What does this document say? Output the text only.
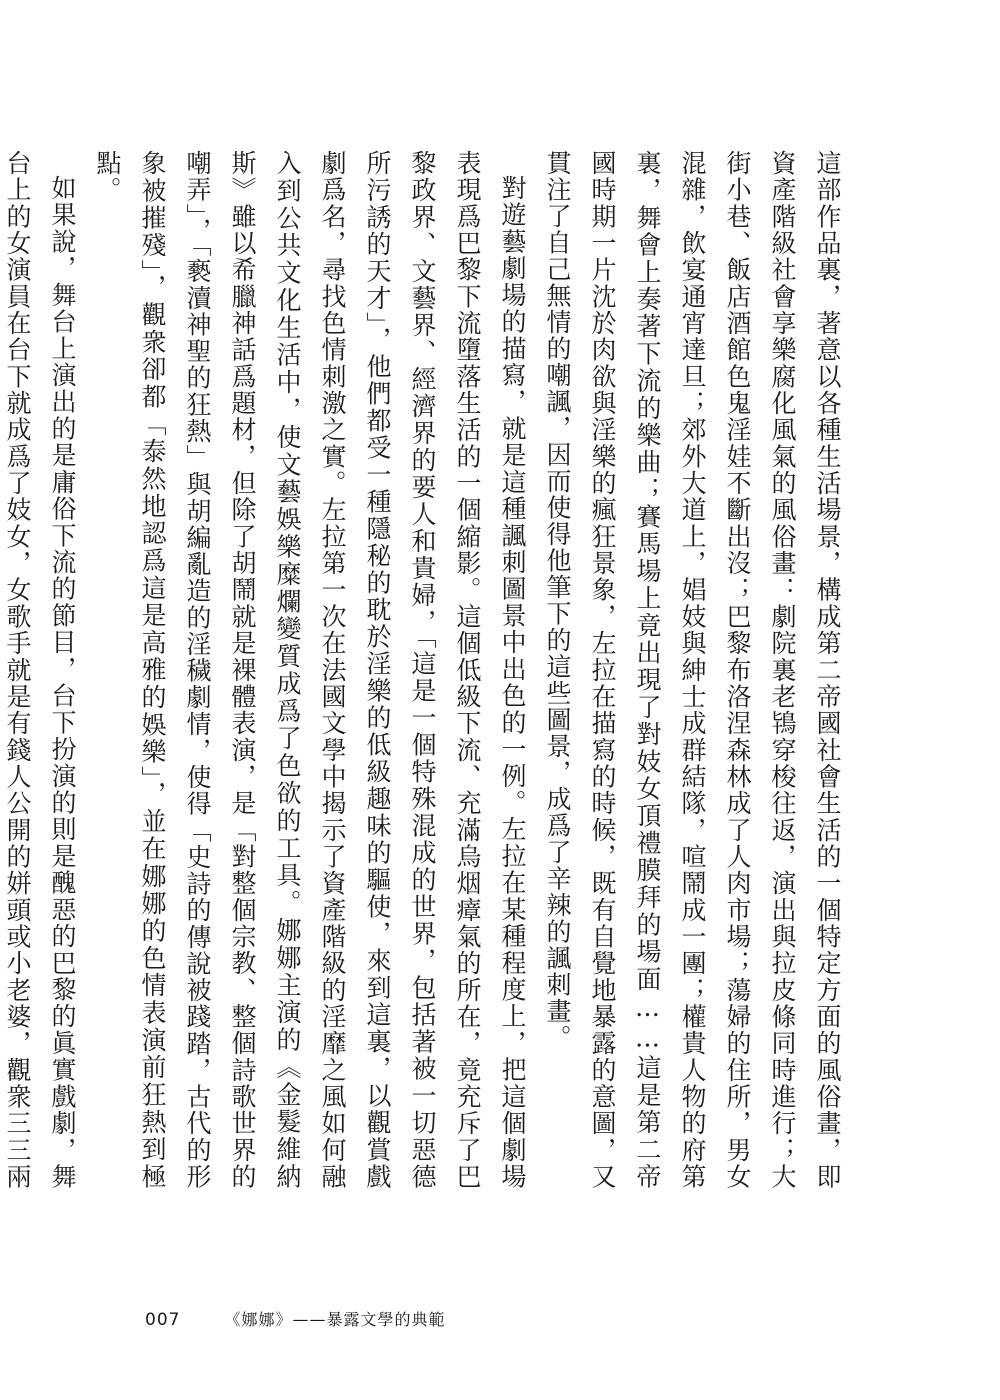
這部作品裏，著意以各種生活場景，構成第二帝國社會生活的一個特定方面的風俗畫，即資產階級社會享樂腐化風氣的風俗畫：劇院裏老鴇穿梭往返，演出與拉皮條同時進行；大街小巷、飯店酒館色鬼淫娃不斷出沒；巴黎布洛涅森林成了人肉市場；蕩婦的住所，男女混雜，飲宴通宵達旦；郊外大道上，娼妓與紳士成群結隊，喧鬧成一團；權貴人物的府第裏，舞會上奏著下流的樂曲；賽馬場上竟出現了對妓女頂禮膜拜的場面……這是第二帝國時期一片沈於肉欲與淫樂的瘋狂景象，左拉在描寫的時候，既有自覺地暴露的意圖，又貫注了自己無情的嘲諷，因而使得他筆下的這些圖景，成爲了辛辣的諷刺畫。

對遊藝劇場的描寫，就是這種諷刺圖景中出色的一例。左拉在某種程度上，把這個劇場表現爲巴黎下流墮落生活的一個縮影。這個低級下流、充滿烏烟瘴氣的所在，竟充斥了巴黎政界、文藝界、經濟界的要人和貴婦，「這是一個特殊混成的世界，包括著被一切惡德所污誘的天才」，他們都受一種隱秘的耽於淫樂的低級趣味的驅使，來到這裏，以觀賞戲劇爲名，尋找色情刺激之實。左拉第一次在法國文學中揭示了資產階級的淫靡之風如何融入到公共文化生活中，使文藝娛樂糜爛變質成爲了色欲的工具。娜娜主演的《金髮維納斯》雖以希臘神話爲題材，但除了胡鬧就是裸體表演，是「對整個宗教、整個詩歌世界的嘲弄」，「褻瀆神聖的狂熱」與胡編亂造的淫穢劇情，使得「史詩的傳說被踐踏，古代的形象被摧殘」，觀衆卻都「泰然地認爲這是高雅的娛樂」，並在娜娜的色情表演前狂熱到極點。

如果說，舞台上演出的是庸俗下流的節目，台下扮演的則是醜惡的巴黎的眞實戲劇，舞台上的女演員在台下就成爲了妓女，女歌手就是有錢人公開的姘頭或小老婆，觀衆三三兩

007	《娜娜》——暴露文學的典範
